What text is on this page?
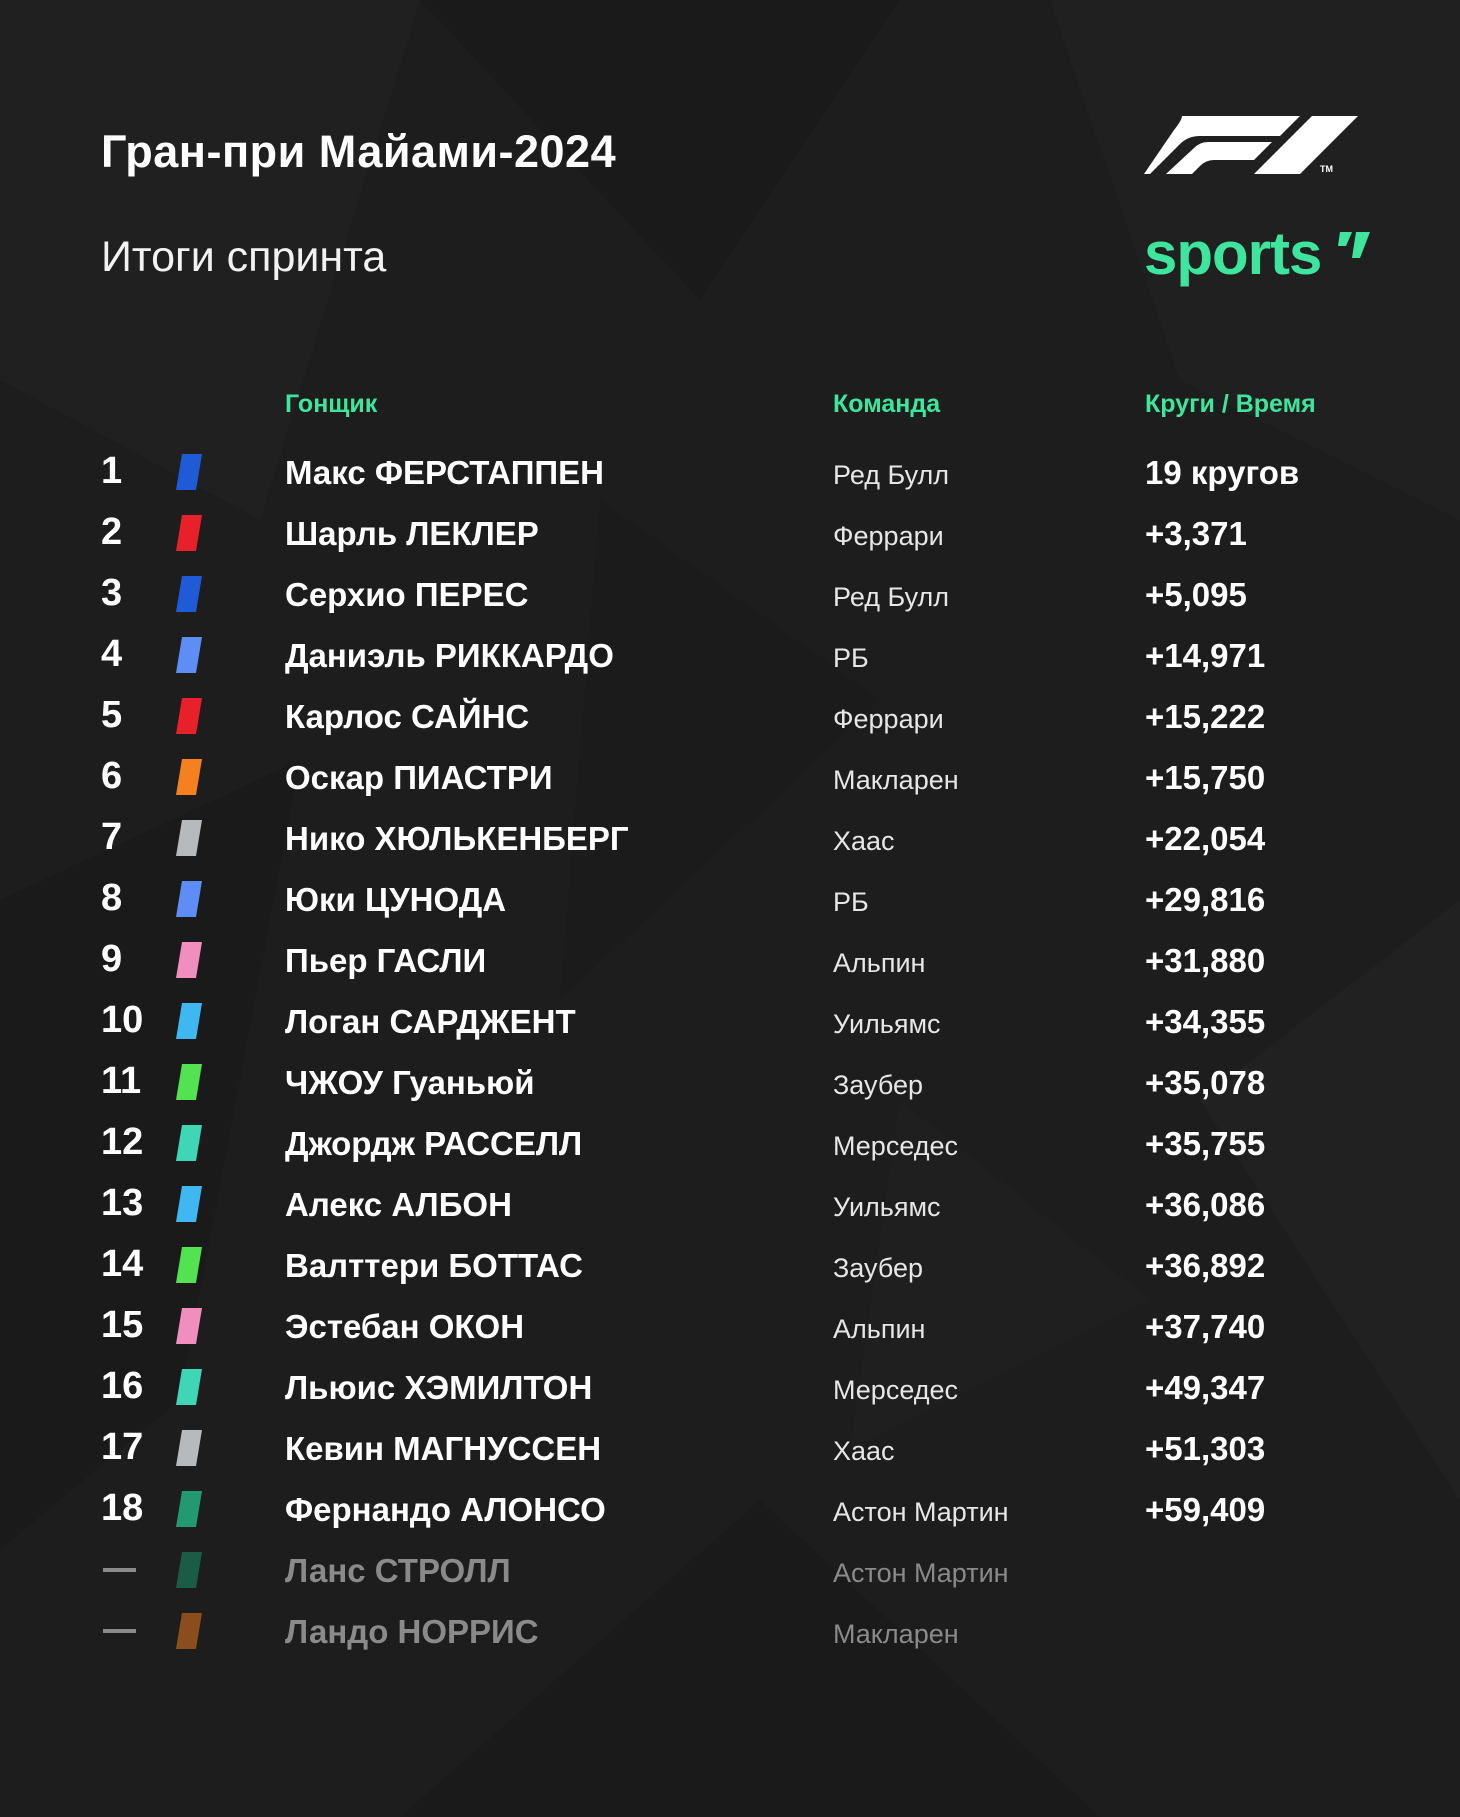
Гран-при Майами-2024
Итоги спринта
TM
sports
Гонщик	Команда	Круги / Время
1	Макс ФЕРСТАППЕН	Ред Булл	19 кругов
2	Шарль ЛЕКЛЕР	Феррари	+3,371
3	Серхио ПЕРЕС	Ред Булл	+5,095
4	Даниэль РИККАРДО	РБ	+14,971
5	Карлос САЙНС	Феррари	+15,222
6	Оскар ПИАСТРИ	Макларен	+15,750
7	Нико ХЮЛЬКЕНБЕРГ	Хаас	+22,054
8	Юки ЦУНОДА	РБ	+29,816
9	Пьер ГАСЛИ	Альпин	+31,880
10	Логан САРДЖЕНТ	Уильямс	+34,355
11	ЧЖОУ Гуаньюй	Заубер	+35,078
12	Джордж РАССЕЛЛ	Мерседес	+35,755
13	Алекс АЛБОН	Уильямс	+36,086
14	Валттери БОТТАС	Заубер	+36,892
15	Эстебан ОКОН	Альпин	+37,740
16	Льюис ХЭМИЛТОН	Мерседес	+49,347
17	Кевин МАГНУССЕН	Хаас	+51,303
18	Фернандо АЛОНСО	Астон Мартин	+59,409
Ланс СТРОЛЛ	Астон Мартин
Ландо НОРРИС	Макларен
